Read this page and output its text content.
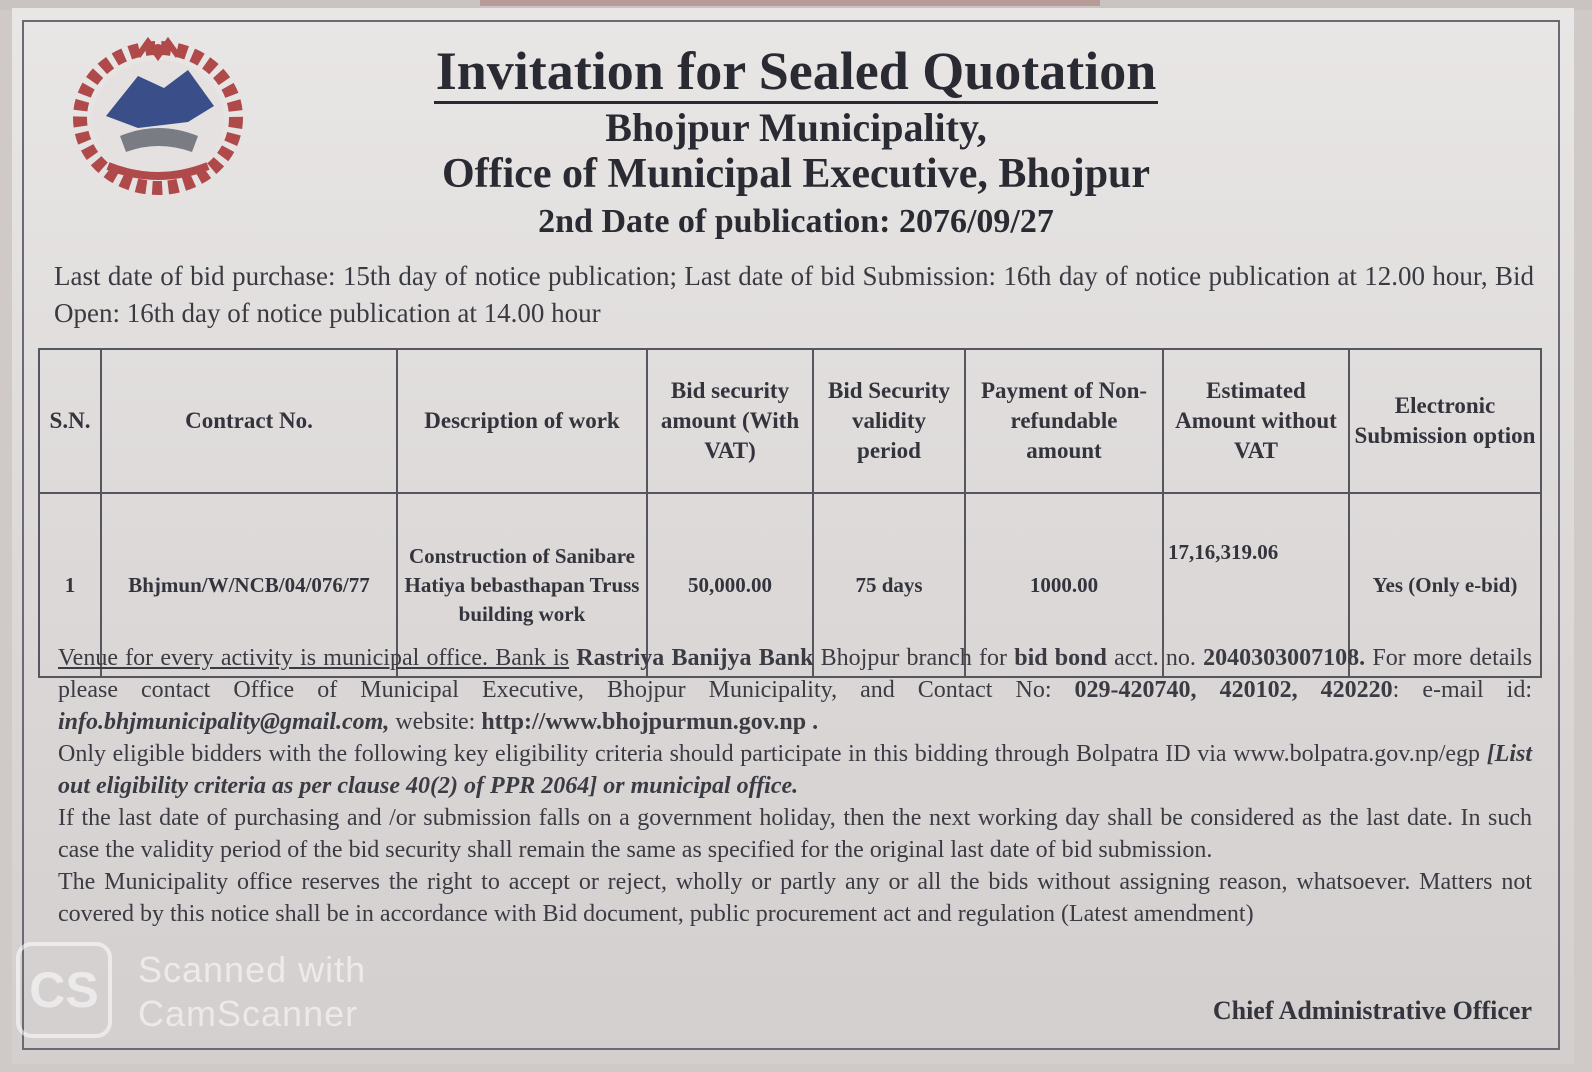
Invitation for Sealed Quotation
Bhojpur Municipality,
Office of Municipal Executive, Bhojpur
2nd Date of publication: 2076/09/27
Last date of bid purchase: 15th day of notice publication; Last date of bid Submission: 16th day of notice publication at 12.00 hour, Bid Open: 16th day of notice publication at 14.00 hour
S.N.	Contract No.	Description of work	Bid security amount (With VAT)	Bid Security validity period	Payment of Non-refundable amount	Estimated Amount without VAT	Electronic Submission option
1	Bhjmun/W/NCB/04/076/77	Construction of Sanibare Hatiya bebasthapan Truss building work	50,000.00	75 days	1000.00	17,16,319.06	Yes (Only e-bid)

Venue for every activity is municipal office. Bank is Rastriya Banijya Bank Bhojpur branch for bid bond acct. no. 2040303007108. For more details please contact Office of Municipal Executive, Bhojpur Municipality, and Contact No: 029-420740, 420102, 420220: e-mail id: info.bhjmunicipality@gmail.com, website: http://www.bhojpurmun.gov.np .

Only eligible bidders with the following key eligibility criteria should participate in this bidding through Bolpatra ID via www.bolpatra.gov.np/egp [List out eligibility criteria as per clause 40(2) of PPR 2064] or municipal office.

If the last date of purchasing and /or submission falls on a government holiday, then the next working day shall be considered as the last date. In such case the validity period of the bid security shall remain the same as specified for the original last date of bid submission.

The Municipality office reserves the right to accept or reject, wholly or partly any or all the bids without assigning reason, whatsoever. Matters not covered by this notice shall be in accordance with Bid document, public procurement act and regulation (Latest amendment)

Chief Administrative Officer
CS	Scanned with
CamScanner
